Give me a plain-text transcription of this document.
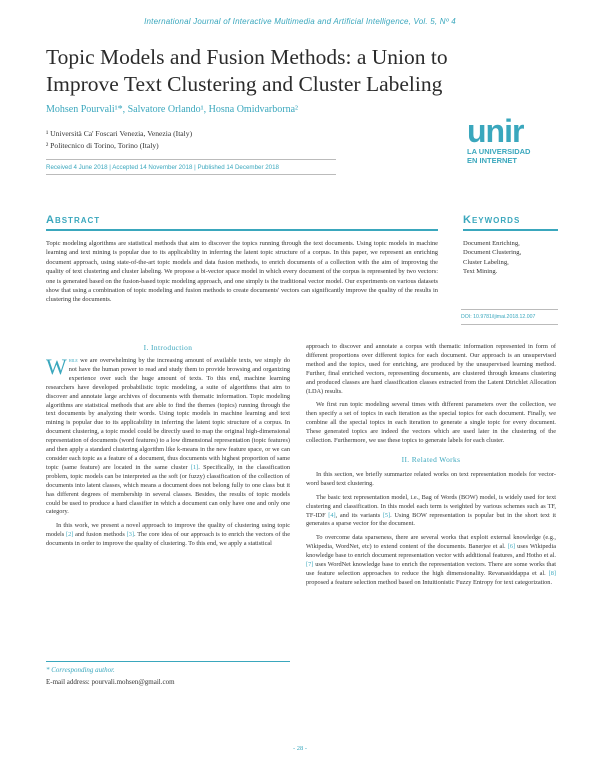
International Journal of Interactive Multimedia and Artificial Intelligence, Vol. 5, Nº 4
Topic Models and Fusion Methods: a Union to Improve Text Clustering and Cluster Labeling
Mohsen Pourvali¹*, Salvatore Orlando¹, Hosna Omidvarborna²
¹ Università Ca' Foscari Venezia, Venezia (Italy)
² Politecnico di Torino, Torino (Italy)
Received 4 June 2018 | Accepted 14 November 2018 | Published 14 December 2018
unir
LA UNIVERSIDAD
EN INTERNET
Abstract
Topic modeling algorithms are statistical methods that aim to discover the topics running through the text documents. Using topic models in machine learning and text mining is popular due to its applicability in inferring the latent topic structure of a corpus. In this paper, we represent an enriching document approach, using state-of-the-art topic models and data fusion methods, to enrich documents of a collection with the aim of improving the quality of text clustering and cluster labeling. We propose a bi-vector space model in which every document of the corpus is represented by two vectors: one is generated based on the fusion-based topic modeling approach, and one simply is the traditional vector model. Our experiments on various datasets show that using a combination of topic modeling and fusion methods to create documents' vectors can significantly improve the quality of the results in clustering the documents.
Keywords
Document Enriching,
Document Clustering,
Cluster Labeling,
Text Mining.
DOI: 10.9781/ijimai.2018.12.007
I. Introduction

While we are overwhelming by the increasing amount of available texts, we simply do not have the human power to read and study them to provide browsing and organizing experience over such the huge amount of texts. To this end, machine learning researchers have developed probabilistic topic modeling, a suite of algorithms that aim to discover and annotate large archives of documents with thematic information. Topic modeling algorithms are statistical methods that are able to find the themes (topics) running through the text documents by analyzing their words. Using topic models in machine learning and text mining is popular due to its applicability in inferring the latent topic structure of a corpus. In document clustering, a topic model could be directly used to map the original high-dimensional representation of documents (word features) to a low dimensional representation (topic features) and then apply a standard clustering algorithm like k-means in the new feature space, or we can consider each topic as a feature of a document, thus documents with highest proportion of same topic (same feature) are located in the same cluster [1]. Specifically, in the classification problem, topic models can be interpreted as the soft (or fuzzy) classification of the collection of documents into latent classes, which means a document does not belong fully to one class but it has different degrees of membership in several classes. Besides, the results of topic models could be used to produce a hard classifier in which a document can only have one and only one category.

In this work, we present a novel approach to improve the quality of clustering using topic models [2] and fusion methods [3]. The core idea of our approach is to enrich the vectors of the documents in order to improve the quality of clustering. To this end, we apply a statistical

* Corresponding author.
E-mail address: pourvali.mohsen@gmail.com

approach to discover and annotate a corpus with thematic information represented in form of different proportions over different topics for each document. Our approach is an unsupervised method and the topics, used for enriching, are produced by the unsupervised learning method. Further, final enriched vectors, representing documents, are clustered through kmeans clustering and produced classes are hard classification classes extracted from the Latent Dirichlet Allocation (LDA) results.

We first run topic modeling several times with different parameters over the collection, we then specify a set of topics in each iteration as the special topics for each document. Finally, we combine all the special topics in each iteration to generate a single topic for every document. These generated topics are indeed the vectors which are used later in the clustering of the collection. Furthermore, we use these topics to generate labels for each cluster.

II. Related Works

In this section, we briefly summarize related works on text representation models for vector-word based text clustering.

The basic text representation model, i.e., Bag of Words (BOW) model, is widely used for text clustering and classification. In this model each term is weighted by various schemes such as TF, TF-IDF [4], and its variants [5]. Using BOW representation is popular but in the short text it generates a sparse vector for the document.

To overcome data sparseness, there are several works that exploit external knowledge (e.g., Wikipedia, WordNet, etc) to extend content of the documents. Banerjee et al. [6] uses Wikipedia knowledge base to enrich document representation vector with additional features, and Hotho et al. [7] uses WordNet knowledge base to enrich the representation vectors. There are some works that use feature selection approaches to reduce the high dimensionality. Revanasiddappa et al. [8] proposed a feature selection method based on Intuitionistic Fuzzy Entropy for text categorization.

- 28 -
